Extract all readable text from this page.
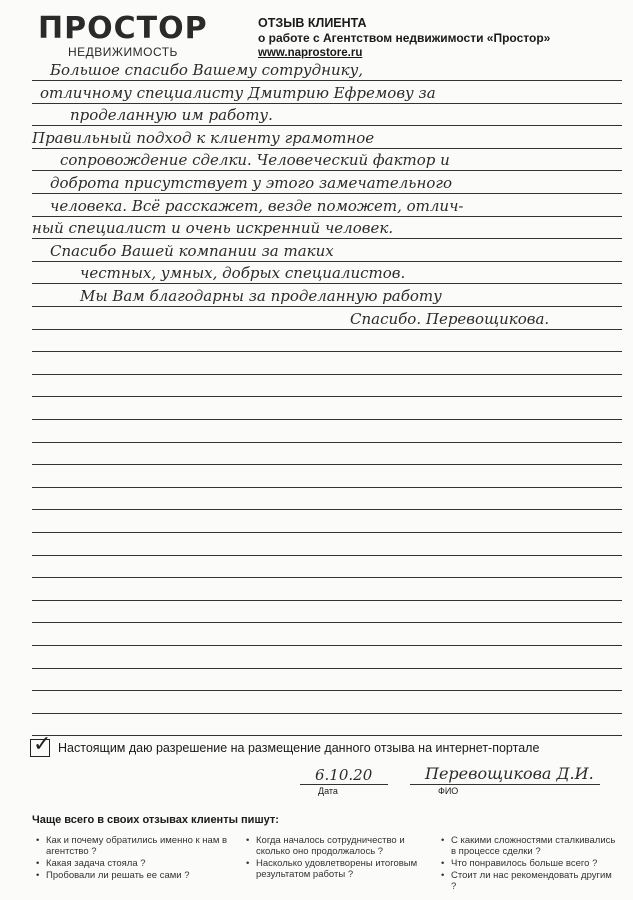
ПРОСТОР
НЕДВИЖИМОСТЬ
ОТЗЫВ КЛИЕНТА
о работе с Агентством недвижимости «Простор»
www.naprostore.ru
Большое спасибо Вашему сотруднику,
отличному специалисту Дмитрию Ефремову за
проделанную им работу.
Правильный подход к клиенту грамотное
сопровождение сделки. Человеческий фактор и
доброта присутствует у этого замечательного
человека. Всё расскажет, везде поможет, отлич-
ный специалист и очень искренний человек.
Спасибо Вашей компании за таких
честных, умных, добрых специалистов.
Мы Вам благодарны за проделанную работу
Спасибо. Перевощикова.
✓ Настоящим даю разрешение на размещение данного отзыва на интернет-портале
6.10.20	Перевощикова Д.И.
Дата	ФИО
Чаще всего в своих отзывах клиенты пишут:
• Как и почему обратились именно к нам в агентство ?
• Какая задача стояла ?
• Пробовали ли решать ее сами ?
• Когда началось сотрудничество и сколько оно продолжалось ?
• Насколько удовлетворены итоговым результатом работы ?
• С какими сложностями сталкивались в процессе сделки ?
• Что понравилось больше всего ?
• Стоит ли нас рекомендовать другим ?
